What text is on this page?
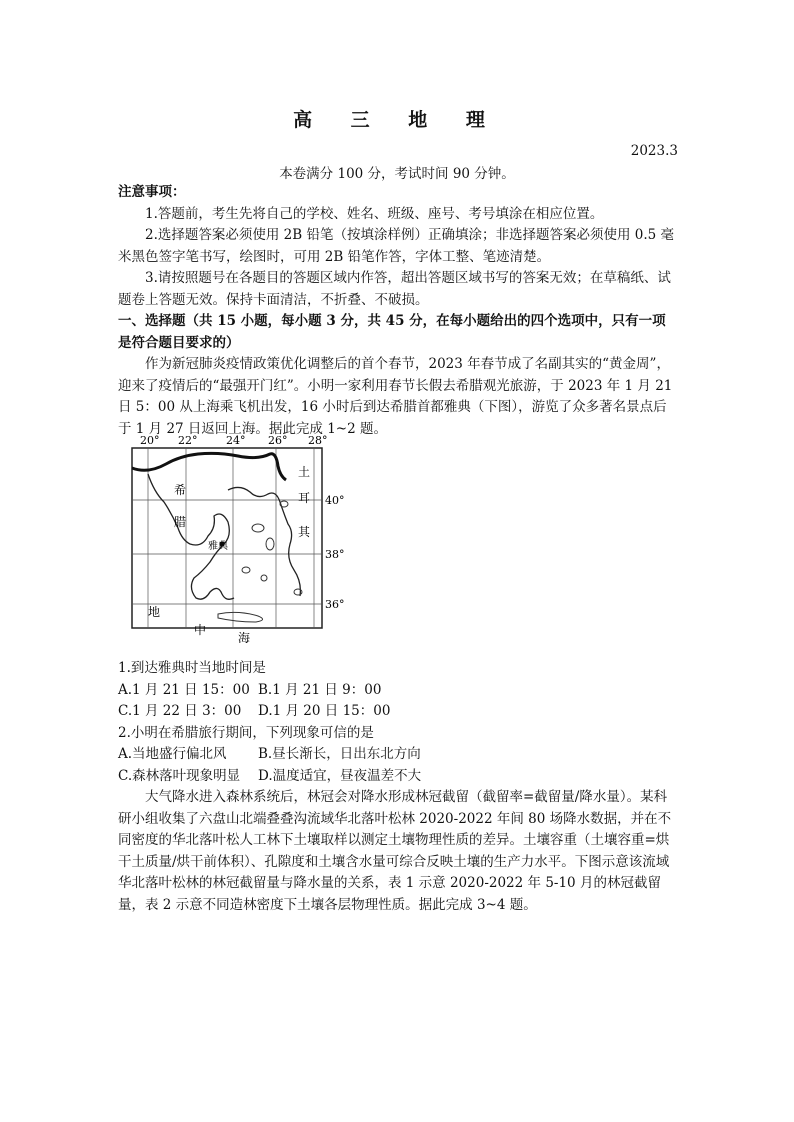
高 三 地 理
2023.3
本卷满分 100 分，考试时间 90 分钟。

注意事项：

1.答题前，考生先将自己的学校、姓名、班级、座号、考号填涂在相应位置。

2.选择题答案必须使用 2B 铅笔（按填涂样例）正确填涂；非选择题答案必须使用 0.5 毫米黑色签字笔书写，绘图时，可用 2B 铅笔作答，字体工整、笔迹清楚。

3.请按照题号在各题目的答题区域内作答，超出答题区域书写的答案无效；在草稿纸、试题卷上答题无效。保持卡面清洁，不折叠、不破损。

一、选择题（共 15 小题，每小题 3 分，共 45 分，在每小题给出的四个选项中，只有一项是符合题目要求的）

作为新冠肺炎疫情政策优化调整后的首个春节，2023 年春节成了名副其实的“黄金周”，迎来了疫情后的“最强开门红”。小明一家利用春节长假去希腊观光旅游，于 2023 年 1 月 21 日 5：00 从上海乘飞机出发，16 小时后到达希腊首都雅典（下图），游览了众多著名景点后于 1 月 27 日返回上海。据此完成 1~2 题。

20° 22°	24° 26° 28°
40°
38°
36°
希
腊
雅典
土
耳
其
地
中
海

1.到达雅典时当地时间是

A.1 月 21 日 15：00 B.1 月 21 日 9：00
C.1 月 22 日 3：00	D.1 月 20 日 15：00

2.小明在希腊旅行期间，下列现象可信的是

A.当地盛行偏北风	B.昼长渐长，日出东北方向
C.森林落叶现象明显	D.温度适宜，昼夜温差不大

大气降水进入森林系统后，林冠会对降水形成林冠截留（截留率=截留量/降水量）。某科研小组收集了六盘山北端叠叠沟流域华北落叶松林 2020-2022 年间 80 场降水数据，并在不同密度的华北落叶松人工林下土壤取样以测定土壤物理性质的差异。土壤容重（土壤容重=烘干土质量/烘干前体积）、孔隙度和土壤含水量可综合反映土壤的生产力水平。下图示意该流域华北落叶松林的林冠截留量与降水量的关系，表 1 示意 2020-2022 年 5-10 月的林冠截留量，表 2 示意不同造林密度下土壤各层物理性质。据此完成 3~4 题。
